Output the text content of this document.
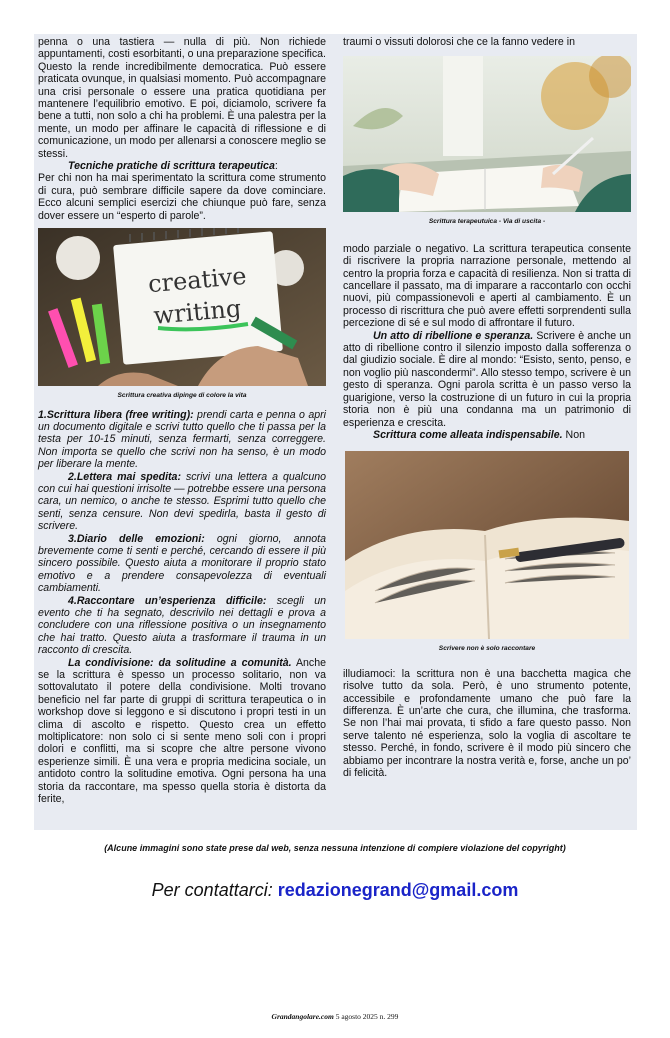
penna o una tastiera — nulla di più. Non richiede appuntamenti, costi esorbitanti, o una preparazione specifica. Questo la rende incredibilmente democratica. Può essere praticata ovunque, in qualsiasi momento. Può accompagnare una crisi personale o essere una pratica quotidiana per mantenere l’equilibrio emotivo. E poi, diciamolo, scrivere fa bene a tutti, non solo a chi ha problemi. È una palestra per la mente, un modo per affinare le capacità di riflessione e di comunicazione, un modo per allenarsi a conoscere meglio se stessi.

Tecniche pratiche di scrittura terapeutica:

Per chi non ha mai sperimentato la scrittura come strumento di cura, può sembrare difficile sapere da dove cominciare. Ecco alcuni semplici esercizi che chiunque può fare, senza dover essere un “esperto di parole”.

creative
writing

Scrittura creativa dipinge di colore la vita

1.Scrittura libera (free writing): prendi carta e penna o apri un documento digitale e scrivi tutto quello che ti passa per la testa per 10-15 minuti, senza fermarti, senza correggere. Non importa se quello che scrivi non ha senso, è un modo per liberare la mente.

2.Lettera mai spedita: scrivi una lettera a qualcuno con cui hai questioni irrisolte — potrebbe essere una persona cara, un nemico, o anche te stesso. Esprimi tutto quello che senti, senza censure. Non devi spedirla, basta il gesto di scrivere.

3.Diario delle emozioni: ogni giorno, annota brevemente come ti senti e perché, cercando di essere il più sincero possibile. Questo aiuta a monitorare il proprio stato emotivo e a prendere consapevolezza di eventuali cambiamenti.

4.Raccontare un’esperienza difficile: scegli un evento che ti ha segnato, descrivilo nei dettagli e prova a concludere con una riflessione positiva o un insegnamento che hai tratto. Questo aiuta a trasformare il trauma in un racconto di crescita.

La condivisione: da solitudine a comunità. Anche se la scrittura è spesso un processo solitario, non va sottovalutato il potere della condivisione. Molti trovano beneficio nel far parte di gruppi di scrittura terapeutica o in workshop dove si leggono e si discutono i propri testi in un clima di ascolto e rispetto. Questo crea un effetto moltiplicatore: non solo ci si sente meno soli con i propri dolori e conflitti, ma si scopre che altre persone vivono esperienze simili. È una vera e propria medicina sociale, un antidoto contro la solitudine emotiva. Ogni persona ha una storia da raccontare, ma spesso quella storia è distorta da ferite,

traumi o vissuti dolorosi che ce la fanno vedere in

Scrittura terapeutuica - Via di uscita -

modo parziale o negativo. La scrittura terapeutica consente di riscrivere la propria narrazione personale, mettendo al centro la propria forza e capacità di resilienza. Non si tratta di cancellare il passato, ma di imparare a raccontarlo con occhi nuovi, più compassionevoli e aperti al cambiamento. È un processo di riscrittura che può avere effetti sorprendenti sulla percezione di sé e sul modo di affrontare il futuro.

Un atto di ribellione e speranza. Scrivere è anche un atto di ribellione contro il silenzio imposto dalla sofferenza o dal giudizio sociale. È dire al mondo: “Esisto, sento, penso, e non voglio più nascondermi”. Allo stesso tempo, scrivere è un gesto di speranza. Ogni parola scritta è un passo verso la guarigione, verso la costruzione di un futuro in cui la propria storia non è più una condanna ma un patrimonio di esperienza e crescita.

Scrittura come alleata indispensabile. Non

Scrivere non è solo raccontare

illudiamoci: la scrittura non è una bacchetta magica che risolve tutto da sola. Però, è uno strumento potente, accessibile e profondamente umano che può fare la differenza. È un’arte che cura, che illumina, che trasforma. Se non l’hai mai provata, ti sfido a fare questo passo. Non serve talento né esperienza, solo la voglia di ascoltare te stesso. Perché, in fondo, scrivere è il modo più sincero che abbiamo per incontrare la nostra verità e, forse, anche un po’ di felicità.

(Alcune immagini sono state prese dal web, senza nessuna intenzione di compiere violazione del copyright)
Per contattarci: redazionegrand@gmail.com
Grandangolare.com 5 agosto 2025 n. 299
